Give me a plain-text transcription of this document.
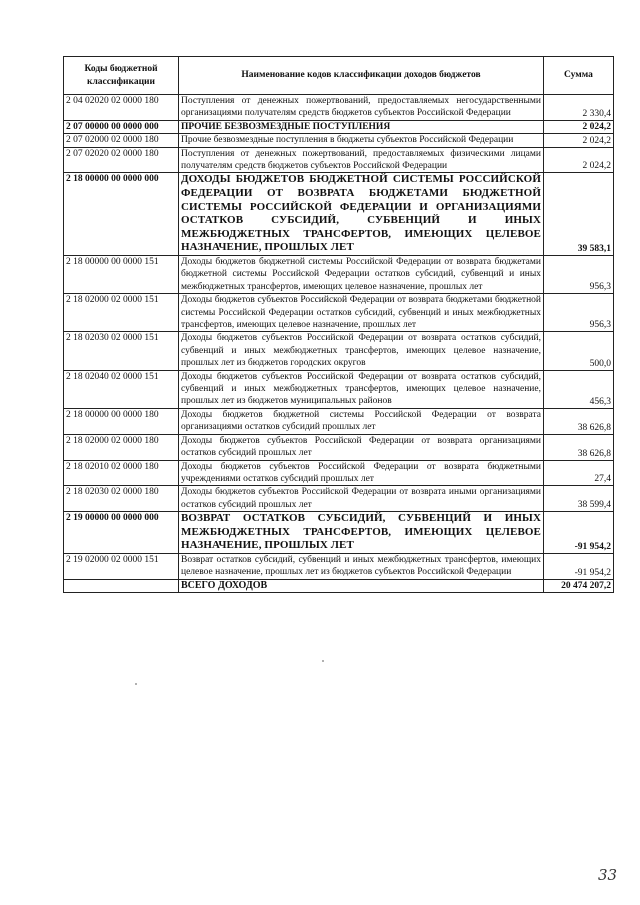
Коды бюджетной классификации	Наименование кодов классификации доходов бюджетов	Сумма
2 04 02020 02 0000 180	Поступления от денежных пожертвований, предоставляемых негосударственными организациями получателям средств бюджетов субъектов Российской Федерации	2 330,4
2 07 00000 00 0000 000	ПРОЧИЕ БЕЗВОЗМЕЗДНЫЕ ПОСТУПЛЕНИЯ	2 024,2
2 07 02000 02 0000 180	Прочие безвозмездные поступления в бюджеты субъектов Российской Федерации	2 024,2
2 07 02020 02 0000 180	Поступления от денежных пожертвований, предоставляемых физическими лицами получателям средств бюджетов субъектов Российской Федерации	2 024,2
2 18 00000 00 0000 000	ДОХОДЫ БЮДЖЕТОВ БЮДЖЕТНОЙ СИСТЕМЫ РОССИЙСКОЙ ФЕДЕРАЦИИ ОТ ВОЗВРАТА БЮДЖЕТАМИ БЮДЖЕТНОЙ СИСТЕМЫ РОССИЙСКОЙ ФЕДЕРАЦИИ И ОРГАНИЗАЦИЯМИ ОСТАТКОВ СУБСИДИЙ, СУБВЕНЦИЙ И ИНЫХ МЕЖБЮДЖЕТНЫХ ТРАНСФЕРТОВ, ИМЕЮЩИХ ЦЕЛЕВОЕ НАЗНАЧЕНИЕ, ПРОШЛЫХ ЛЕТ	39 583,1
2 18 00000 00 0000 151	Доходы бюджетов бюджетной системы Российской Федерации от возврата бюджетами бюджетной системы Российской Федерации остатков субсидий, субвенций и иных межбюджетных трансфертов, имеющих целевое назначение, прошлых лет	956,3
2 18 02000 02 0000 151	Доходы бюджетов субъектов Российской Федерации от возврата бюджетами бюджетной системы Российской Федерации остатков субсидий, субвенций и иных межбюджетных трансфертов, имеющих целевое назначение, прошлых лет	956,3
2 18 02030 02 0000 151	Доходы бюджетов субъектов Российской Федерации от возврата остатков субсидий, субвенций и иных межбюджетных трансфертов, имеющих целевое назначение, прошлых лет из бюджетов городских округов	500,0
2 18 02040 02 0000 151	Доходы бюджетов субъектов Российской Федерации от возврата остатков субсидий, субвенций и иных межбюджетных трансфертов, имеющих целевое назначение, прошлых лет из бюджетов муниципальных районов	456,3
2 18 00000 00 0000 180	Доходы бюджетов бюджетной системы Российской Федерации от возврата организациями остатков субсидий прошлых лет	38 626,8
2 18 02000 02 0000 180	Доходы бюджетов субъектов Российской Федерации от возврата организациями остатков субсидий прошлых лет	38 626,8
2 18 02010 02 0000 180	Доходы бюджетов субъектов Российской Федерации от возврата бюджетными учреждениями остатков субсидий прошлых лет	27,4
2 18 02030 02 0000 180	Доходы бюджетов субъектов Российской Федерации от возврата иными организациями остатков субсидий прошлых лет	38 599,4
2 19 00000 00 0000 000	ВОЗВРАТ ОСТАТКОВ СУБСИДИЙ, СУБВЕНЦИЙ И ИНЫХ МЕЖБЮДЖЕТНЫХ ТРАНСФЕРТОВ, ИМЕЮЩИХ ЦЕЛЕВОЕ НАЗНАЧЕНИЕ, ПРОШЛЫХ ЛЕТ	-91 954,2
2 19 02000 02 0000 151	Возврат остатков субсидий, субвенций и иных межбюджетных трансфертов, имеющих целевое назначение, прошлых лет из бюджетов субъектов Российской Федерации	-91 954,2
	ВСЕГО ДОХОДОВ	20 474 207,2
33
